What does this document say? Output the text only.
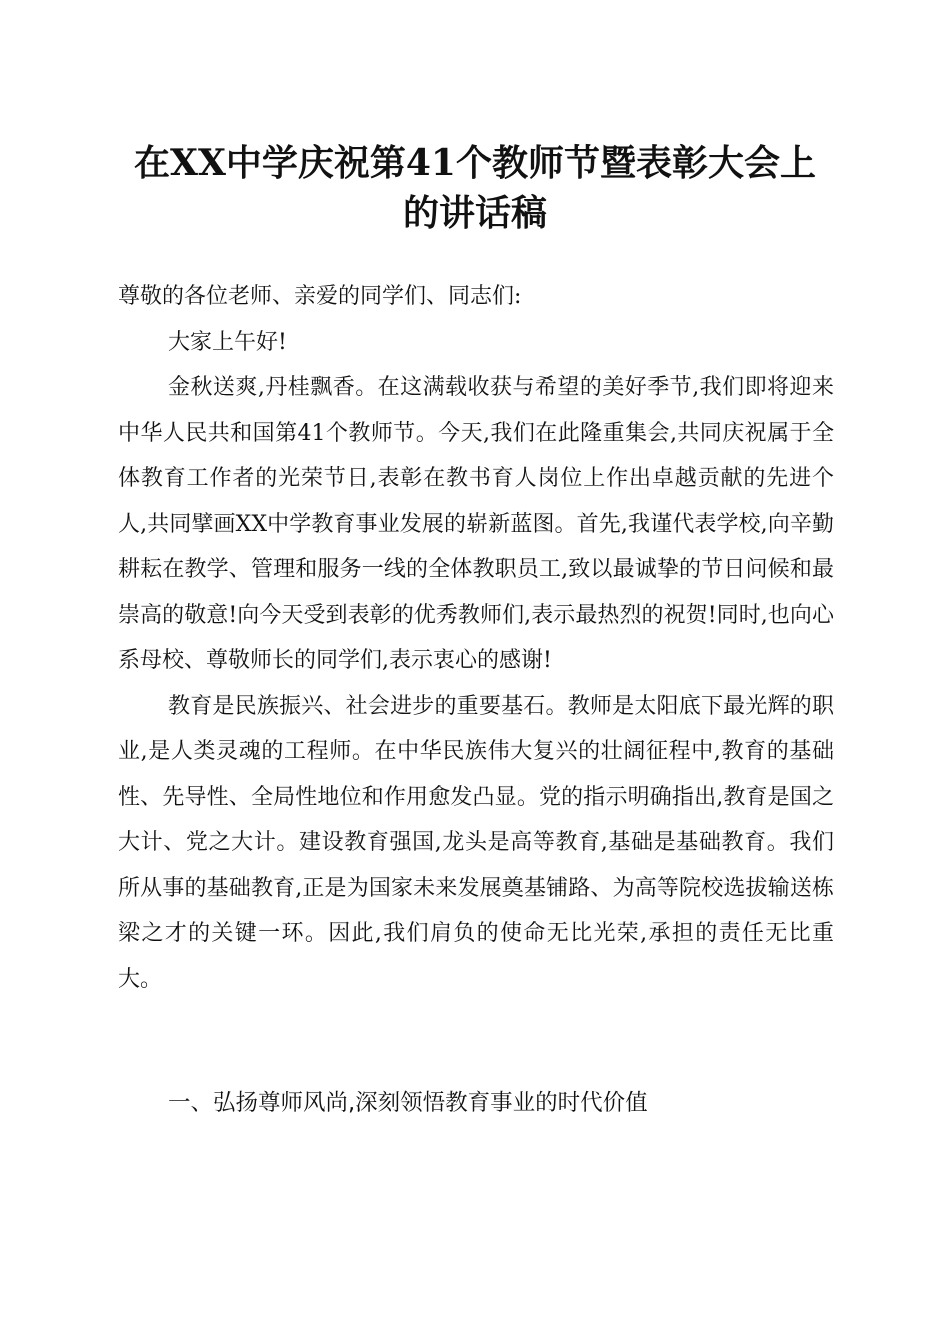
在XX中学庆祝第41个教师节暨表彰大会上
的讲话稿

尊敬的各位老师、亲爱的同学们、同志们:

大家上午好!

金秋送爽,丹桂飘香。在这满载收获与希望的美好季节,我们即将迎来中华人民共和国第41个教师节。今天,我们在此隆重集会,共同庆祝属于全体教育工作者的光荣节日,表彰在教书育人岗位上作出卓越贡献的先进个人,共同擘画XX中学教育事业发展的崭新蓝图。首先,我谨代表学校,向辛勤耕耘在教学、管理和服务一线的全体教职员工,致以最诚挚的节日问候和最崇高的敬意!向今天受到表彰的优秀教师们,表示最热烈的祝贺!同时,也向心系母校、尊敬师长的同学们,表示衷心的感谢!

教育是民族振兴、社会进步的重要基石。教师是太阳底下最光辉的职业,是人类灵魂的工程师。在中华民族伟大复兴的壮阔征程中,教育的基础性、先导性、全局性地位和作用愈发凸显。党的指示明确指出,教育是国之大计、党之大计。建设教育强国,龙头是高等教育,基础是基础教育。我们所从事的基础教育,正是为国家未来发展奠基铺路、为高等院校选拔输送栋梁之才的关键一环。因此,我们肩负的使命无比光荣,承担的责任无比重大。

一、弘扬尊师风尚,深刻领悟教育事业的时代价值
